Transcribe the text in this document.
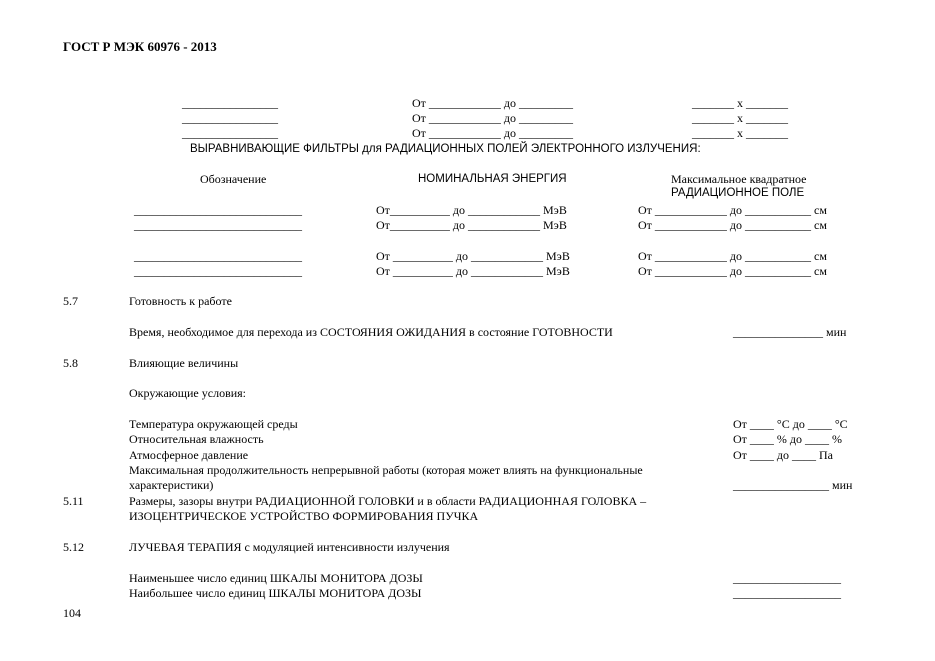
ГОСТ Р МЭК 60976 - 2013
________________	От ____________ до _________	_______ x _______
________________	От ____________ до _________	_______ x _______
________________	От ____________ до _________	_______ x _______
ВЫРАВНИВАЮЩИЕ ФИЛЬТРЫ для РАДИАЦИОННЫХ ПОЛЕЙ ЭЛЕКТРОННОГО ИЗЛУЧЕНИЯ:
Обозначение	НОМИНАЛЬНАЯ ЭНЕРГИЯ	Максимальное квадратное
РАДИАЦИОННОЕ ПОЛЕ
____________________________	От__________ до ____________ МэВ	От ____________ до ___________ см
____________________________	От__________ до ____________ МэВ	От ____________ до ___________ см
____________________________	От __________ до ____________ МэВ	От ____________ до ___________ см
____________________________	От __________ до ____________ МэВ	От ____________ до ___________ см
5.7	Готовность к работе
Время, необходимое для перехода из СОСТОЯНИЯ ОЖИДАНИЯ в состояние ГОТОВНОСТИ	_______________ мин
5.8	Влияющие величины
Окружающие условия:
Температура окружающей среды	От ____ °С до ____ °С
Относительная влажность	От ____ % до ____ %
Атмосферное давление	От ____ до ____ Па
Максимальная продолжительность непрерывной работы (которая может влиять на функциональные
характеристики)	________________ мин
5.11	Размеры, зазоры внутри РАДИАЦИОННОЙ ГОЛОВКИ и в области РАДИАЦИОННАЯ ГОЛОВКА –
ИЗОЦЕНТРИЧЕСКОЕ УСТРОЙСТВО ФОРМИРОВАНИЯ ПУЧКА
5.12	ЛУЧЕВАЯ ТЕРАПИЯ с модуляцией интенсивности излучения
Наименьшее число единиц ШКАЛЫ МОНИТОРА ДОЗЫ	__________________
Наибольшее число единиц ШКАЛЫ МОНИТОРА ДОЗЫ	__________________
104
